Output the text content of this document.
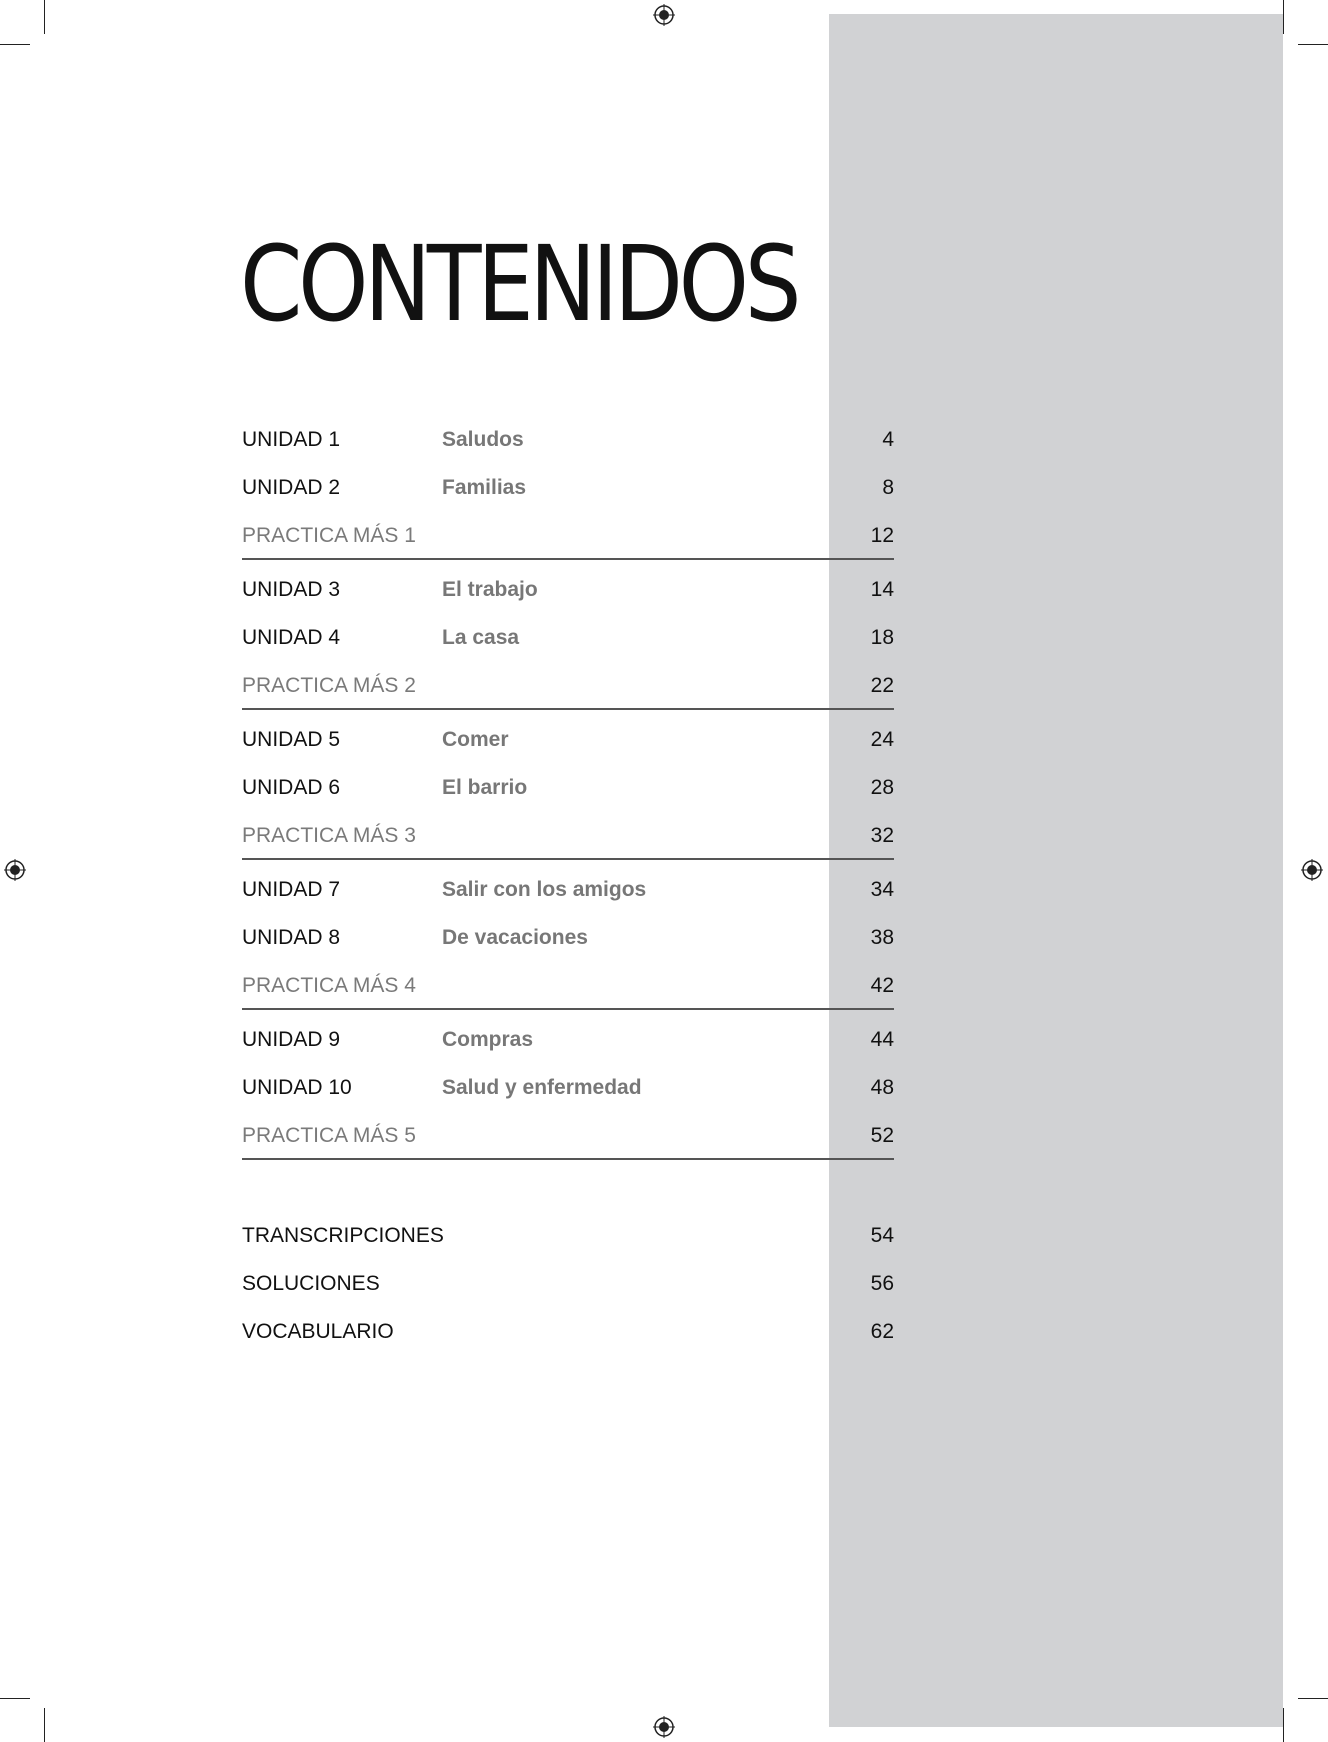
CONTENIDOS
UNIDAD 1	Saludos	4
UNIDAD 2	Familias	8
PRACTICA MÁS 1	12
UNIDAD 3	El trabajo	14
UNIDAD 4	La casa	18
PRACTICA MÁS 2	22
UNIDAD 5	Comer	24
UNIDAD 6	El barrio	28
PRACTICA MÁS 3	32
UNIDAD 7	Salir con los amigos	34
UNIDAD 8	De vacaciones	38
PRACTICA MÁS 4	42
UNIDAD 9	Compras	44
UNIDAD 10	Salud y enfermedad	48
PRACTICA MÁS 5	52
TRANSCRIPCIONES	54
SOLUCIONES	56
VOCABULARIO	62
